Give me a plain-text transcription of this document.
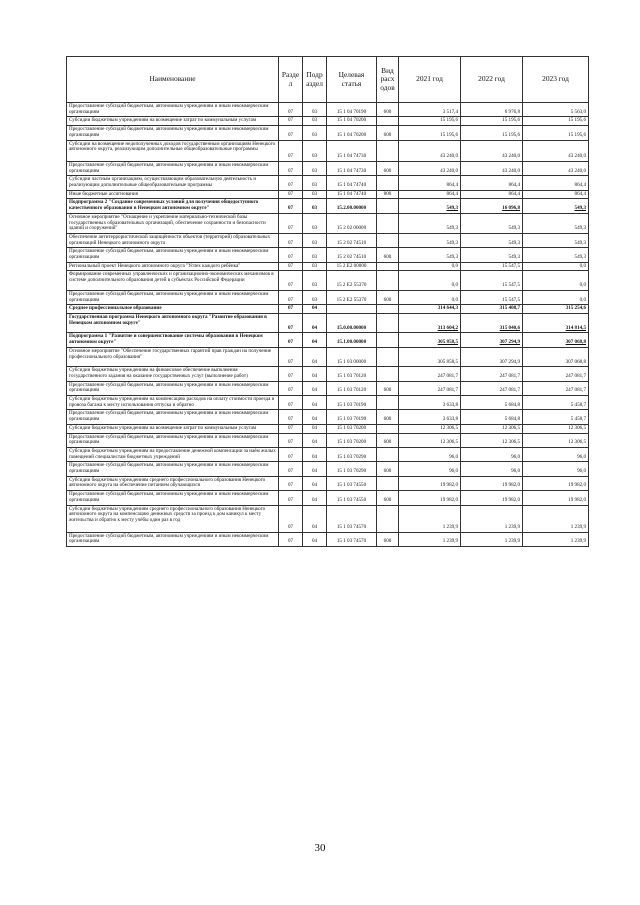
Наименование	Разде л	Подр аздел	Целевая статья	Вид расх одов	2021 год	2022 год	2023 год
Предоставление субсидий бюджетным, автономным учреждениям и иным некоммерческим организациям	07	03	15 1 04 70190	600	3 517,4	6 976,8	5 563,0
Субсидии бюджетным учреждениям на возмещение затрат по коммунальным услугам	07	03	15 1 04 70200		15 195,6	15 195,6	15 195,6
Предоставление субсидий бюджетным, автономным учреждениям и иным некоммерческим организациям	07	03	15 1 04 70200	600	15 195,6	15 195,6	15 195,6
Субсидии на возмещение недополученных доходов государственным организациям Ненецкого автономного округа, реализующим дополнительные общеобразовательные программы	07	03	15 1 04 74730		43 240,0	43 240,0	43 240,0
Предоставление субсидий бюджетным, автономным учреждениям и иным некоммерческим организациям	07	03	15 1 04 74730	600	43 240,0	43 240,0	43 240,0
Субсидии частным организациям, осуществляющим образовательную деятельность и реализующим дополнительные общеобразовательные программы	07	03	15 1 04 74740		864,4	864,4	864,4
Иные бюджетные ассигнования	07	03	15 1 04 74740	800	864,4	864,4	864,4
Подпрограмма 2 "Создание современных условий для получения общедоступного качественного образования в Ненецком автономном округе"	07	03	15.2.00.00000		549,3	16 096,8	549,3
Основное мероприятие "Оснащение и укрепление материально-технической базы государственных образовательных организаций, обеспечение сохранности и безопасности зданий и сооружений"	07	03	15 2 02 00000		549,3	549,3	549,3
Обеспечение антитеррористической защищённости объектов (территорий) образовательных организаций Ненецкого автономного округа	07	03	15 2 02 74510		549,3	549,3	549,3
Предоставление субсидий бюджетным, автономным учреждениям и иным некоммерческим организациям	07	03	15 2 02 74510	600	549,3	549,3	549,3
Региональный проект Ненецкого автономного округа "Успех каждого ребёнка"	07	03	15 2 E2 00000		0,0	15 547,5	0,0
Формирование современных управленческих и организационно-экономических механизмов в системе дополнительного образования детей в субъектах Российской Федерации	07	03	15 2 E2 55370		0,0	15 547,5	0,0
Предоставление субсидий бюджетным, автономным учреждениям и иным некоммерческим организациям	07	03	15 2 E2 55370	600	0,0	15 547,5	0,0
Среднее профессиональное образование	07	04			314 644,3	315 408,7	315 254,6
Государственная программа Ненецкого автономного округа "Развитие образования в Ненецком автономном округе"	07	04	15.0.00.00000		313 604,2	315 040,6	314 814,5
Подпрограмма 1 "Развитие и совершенствование системы образования в Ненецком автономном округе"	07	04	15.1.00.00000		305 858,5	307 294,9	307 068,8
Основное мероприятие "Обеспечение государственных гарантий прав граждан на получение профессионального образования"	07	04	15 1 03 00000		305 858,5	307 294,9	307 068,8
Субсидии бюджетным учреждениям на финансовое обеспечение выполнения государственного задания на оказание государственных услуг (выполнение работ)	07	04	15 1 03 70120		247 081,7	247 081,7	247 081,7
Предоставление субсидий бюджетным, автономным учреждениям и иным некоммерческим организациям	07	04	15 1 03 70120	600	247 081,7	247 081,7	247 081,7
Субсидии бюджетным учреждениям на компенсацию расходов на оплату стоимости проезда и провоза багажа к месту использования отпуска и обратно	07	04	15 1 03 70190		3 633,8	5 684,8	5 458,7
Предоставление субсидий бюджетным, автономным учреждениям и иным некоммерческим организациям	07	04	15 1 03 70190	600	3 633,8	5 684,8	5 458,7
Субсидии бюджетным учреждениям на возмещение затрат по коммунальным услугам	07	04	15 1 03 70200		12 306,5	12 306,5	12 306,5
Предоставление субсидий бюджетным, автономным учреждениям и иным некоммерческим организациям	07	04	15 1 03 70200	600	12 306,5	12 306,5	12 306,5
Субсидии бюджетным учреждениям на предоставление денежной компенсации за наём жилых помещений специалистам бюджетных учреждений	07	04	15 1 03 70290		96,0	96,0	96,0
Предоставление субсидий бюджетным, автономным учреждениям и иным некоммерческим организациям	07	04	15 1 03 70290	600	96,0	96,0	96,0
Субсидии бюджетным учреждениям среднего профессионального образования Ненецкого автономного округа на обеспечение питанием обучающихся	07	04	15 1 03 74550		19 982,0	19 982,0	19 982,0
Предоставление субсидий бюджетным, автономным учреждениям и иным некоммерческим организациям	07	04	15 1 03 74550	600	19 982,0	19 982,0	19 982,0
Субсидии бюджетным учреждениям среднего профессионального образования Ненецкого автономного округа на компенсацию денежных средств за проезд к дом каникул к месту жительства и обратно к месту учёбы один раз в год	07	04	15 1 03 74570		1 239,9	1 239,9	1 239,9
Предоставление субсидий бюджетным, автономным учреждениям и иным некоммерческим организациям	07	04	15 1 03 74570	600	1 239,9	1 239,9	1 239,9
30
